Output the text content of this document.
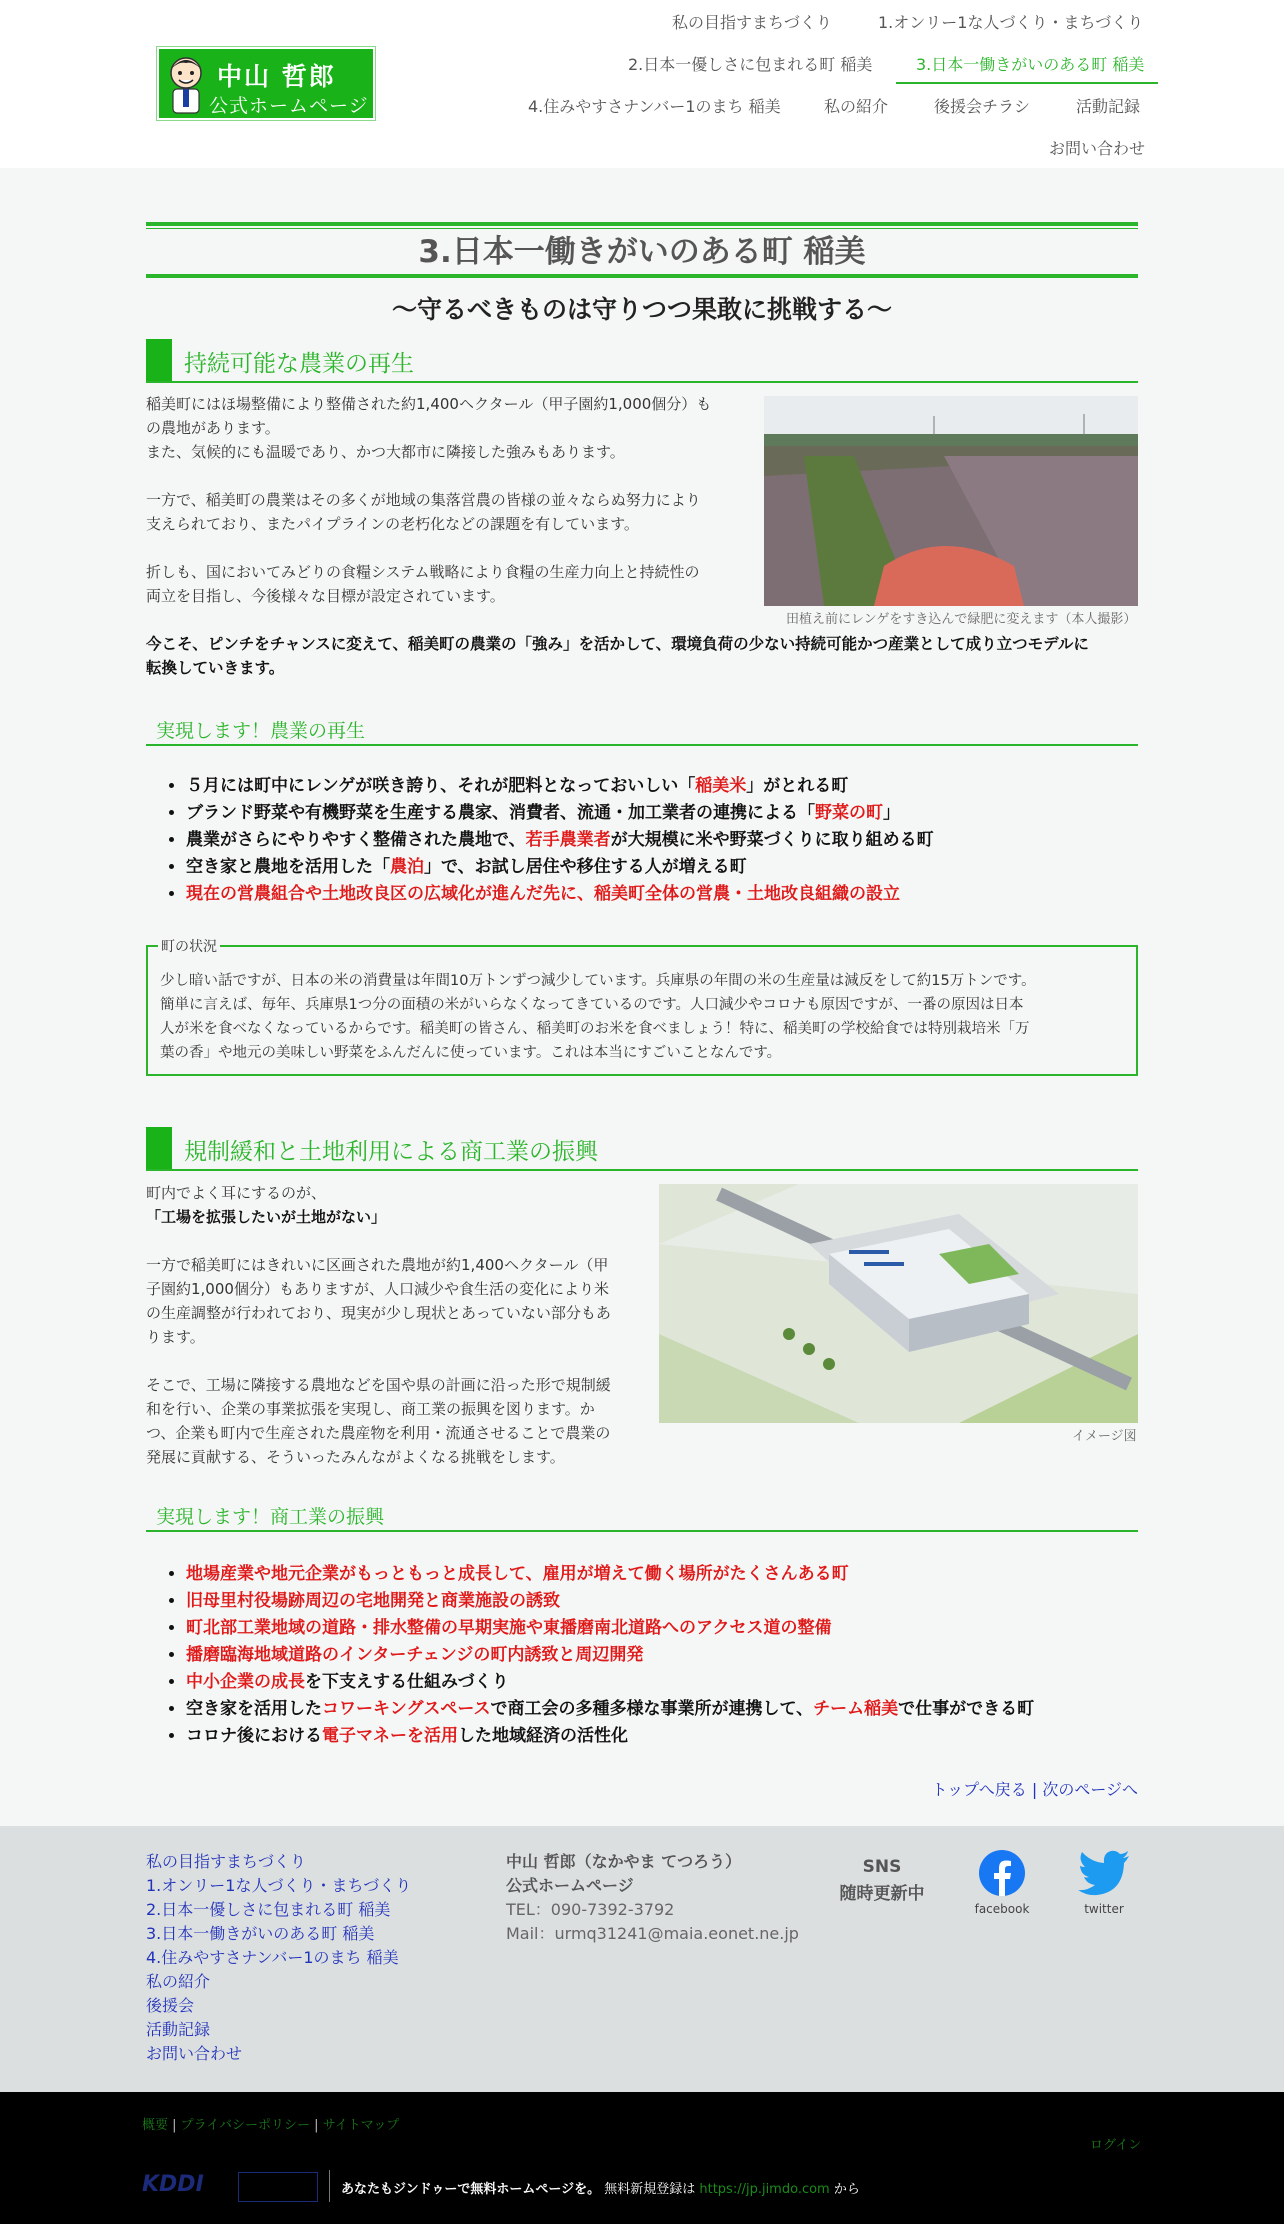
中山 哲郎
公式ホームページ
私の目指すまちづくり	1.オンリー1な人づくり・まちづくり
2.日本一優しさに包まれる町 稲美	3.日本一働きがいのある町 稲美
4.住みやすさナンバー1のまち 稲美	私の紹介	後援会チラシ	活動記録
お問い合わせ
3.日本一働きがいのある町 稲美
～守るべきものは守りつつ果敢に挑戦する～
持続可能な農業の再生

稲美町にはほ場整備により整備された約1,400ヘクタール（甲子園約1,000個分）も

の農地があります。

また、気候的にも温暖であり、かつ大都市に隣接した強みもあります。

一方で、稲美町の農業はその多くが地域の集落営農の皆様の並々ならぬ努力により

支えられており、またパイプラインの老朽化などの課題を有しています。

折しも、国においてみどりの食糧システム戦略により食糧の生産力向上と持続性の

両立を目指し、今後様々な目標が設定されています。

田植え前にレンゲをすき込んで緑肥に変えます（本人撮影）
今こそ、ピンチをチャンスに変えて、稲美町の農業の「強み」を活かして、環境負荷の少ない持続可能かつ産業として成り立つモデルに
転換していきます。
実現します！農業の再生
• ５月には町中にレンゲが咲き誇り、それが肥料となっておいしい「稲美米」がとれる町
• ブランド野菜や有機野菜を生産する農家、消費者、流通・加工業者の連携による「野菜の町」
• 農業がさらにやりやすく整備された農地で、若手農業者が大規模に米や野菜づくりに取り組める町
• 空き家と農地を活用した「農泊」で、お試し居住や移住する人が増える町
• 現在の営農組合や土地改良区の広域化が進んだ先に、稲美町全体の営農・土地改良組織の設立
町の状況
少し暗い話ですが、日本の米の消費量は年間10万トンずつ減少しています。兵庫県の年間の米の生産量は減反をして約15万トンです。
簡単に言えば、毎年、兵庫県1つ分の面積の米がいらなくなってきているのです。人口減少やコロナも原因ですが、一番の原因は日本
人が米を食べなくなっているからです。稲美町の皆さん、稲美町のお米を食べましょう！特に、稲美町の学校給食では特別栽培米「万
葉の香」や地元の美味しい野菜をふんだんに使っています。これは本当にすごいことなんです。
規制緩和と土地利用による商工業の振興

町内でよく耳にするのが、

「工場を拡張したいが土地がない」

一方で稲美町にはきれいに区画された農地が約1,400ヘクタール（甲

子園約1,000個分）もありますが、人口減少や食生活の変化により米

の生産調整が行われており、現実が少し現状とあっていない部分もあ

ります。

そこで、工場に隣接する農地などを国や県の計画に沿った形で規制緩

和を行い、企業の事業拡張を実現し、商工業の振興を図ります。か

つ、企業も町内で生産された農産物を利用・流通させることで農業の

発展に貢献する、そういったみんながよくなる挑戦をします。

イメージ図
実現します！商工業の振興
• 地場産業や地元企業がもっともっと成長して、雇用が増えて働く場所がたくさんある町
• 旧母里村役場跡周辺の宅地開発と商業施設の誘致
• 町北部工業地域の道路・排水整備の早期実施や東播磨南北道路へのアクセス道の整備
• 播磨臨海地域道路のインターチェンジの町内誘致と周辺開発
• 中小企業の成長を下支えする仕組みづくり
• 空き家を活用したコワーキングスペースで商工会の多種多様な事業所が連携して、チーム稲美で仕事ができる町
• コロナ後における電子マネーを活用した地域経済の活性化
トップへ戻る | 次のページへ
私の目指すまちづくり
1.オンリー1な人づくり・まちづくり
2.日本一優しさに包まれる町 稲美
3.日本一働きがいのある町 稲美
4.住みやすさナンバー1のまち 稲美
私の紹介
後援会
活動記録
お問い合わせ
中山 哲郎（なかやま てつろう）
公式ホームページ
TEL：090-7392-3792
Mail：urmq31241@maia.eonet.ne.jp
SNS
随時更新中
facebook	twitter
概要 | プライバシーポリシー | サイトマップ
ログイン
KDDI	あなたもジンドゥーで無料ホームページを。 無料新規登録は https://jp.jimdo.com から
